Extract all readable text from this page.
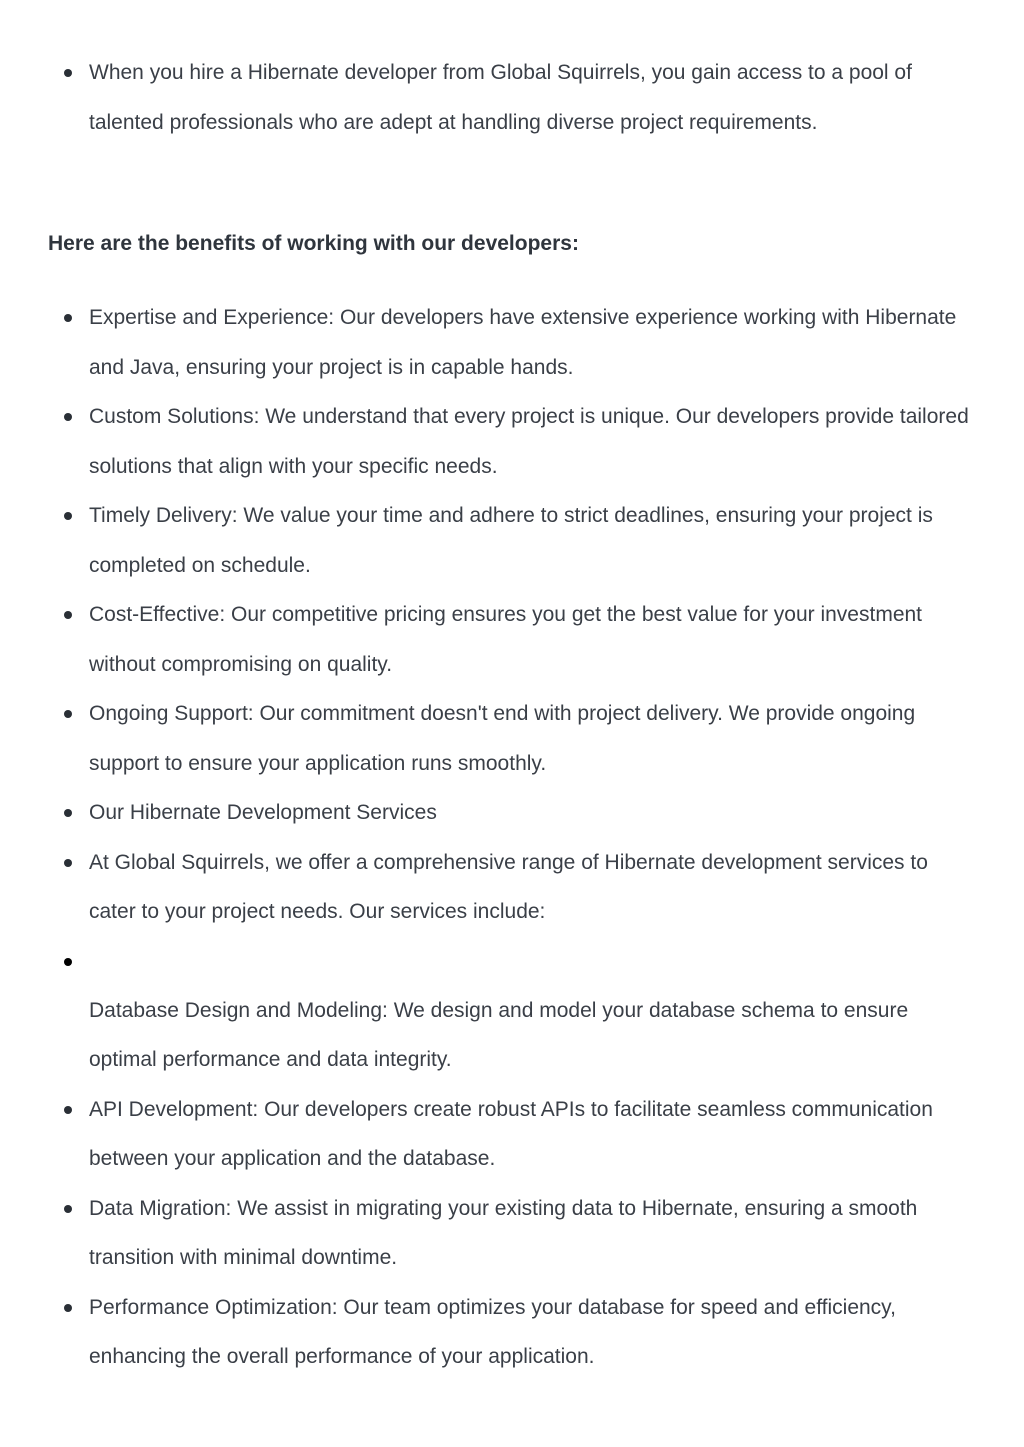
When you hire a Hibernate developer from Global Squirrels, you gain access to a pool of talented professionals who are adept at handling diverse project requirements.
Here are the benefits of working with our developers:
Expertise and Experience: Our developers have extensive experience working with Hibernate and Java, ensuring your project is in capable hands.
Custom Solutions: We understand that every project is unique. Our developers provide tailored solutions that align with your specific needs.
Timely Delivery: We value your time and adhere to strict deadlines, ensuring your project is completed on schedule.
Cost-Effective: Our competitive pricing ensures you get the best value for your investment without compromising on quality.
Ongoing Support: Our commitment doesn't end with project delivery. We provide ongoing support to ensure your application runs smoothly.
Our Hibernate Development Services
At Global Squirrels, we offer a comprehensive range of Hibernate development services to cater to your project needs. Our services include:
Database Design and Modeling: We design and model your database schema to ensure optimal performance and data integrity.
API Development: Our developers create robust APIs to facilitate seamless communication between your application and the database.
Data Migration: We assist in migrating your existing data to Hibernate, ensuring a smooth transition with minimal downtime.
Performance Optimization: Our team optimizes your database for speed and efficiency, enhancing the overall performance of your application.
